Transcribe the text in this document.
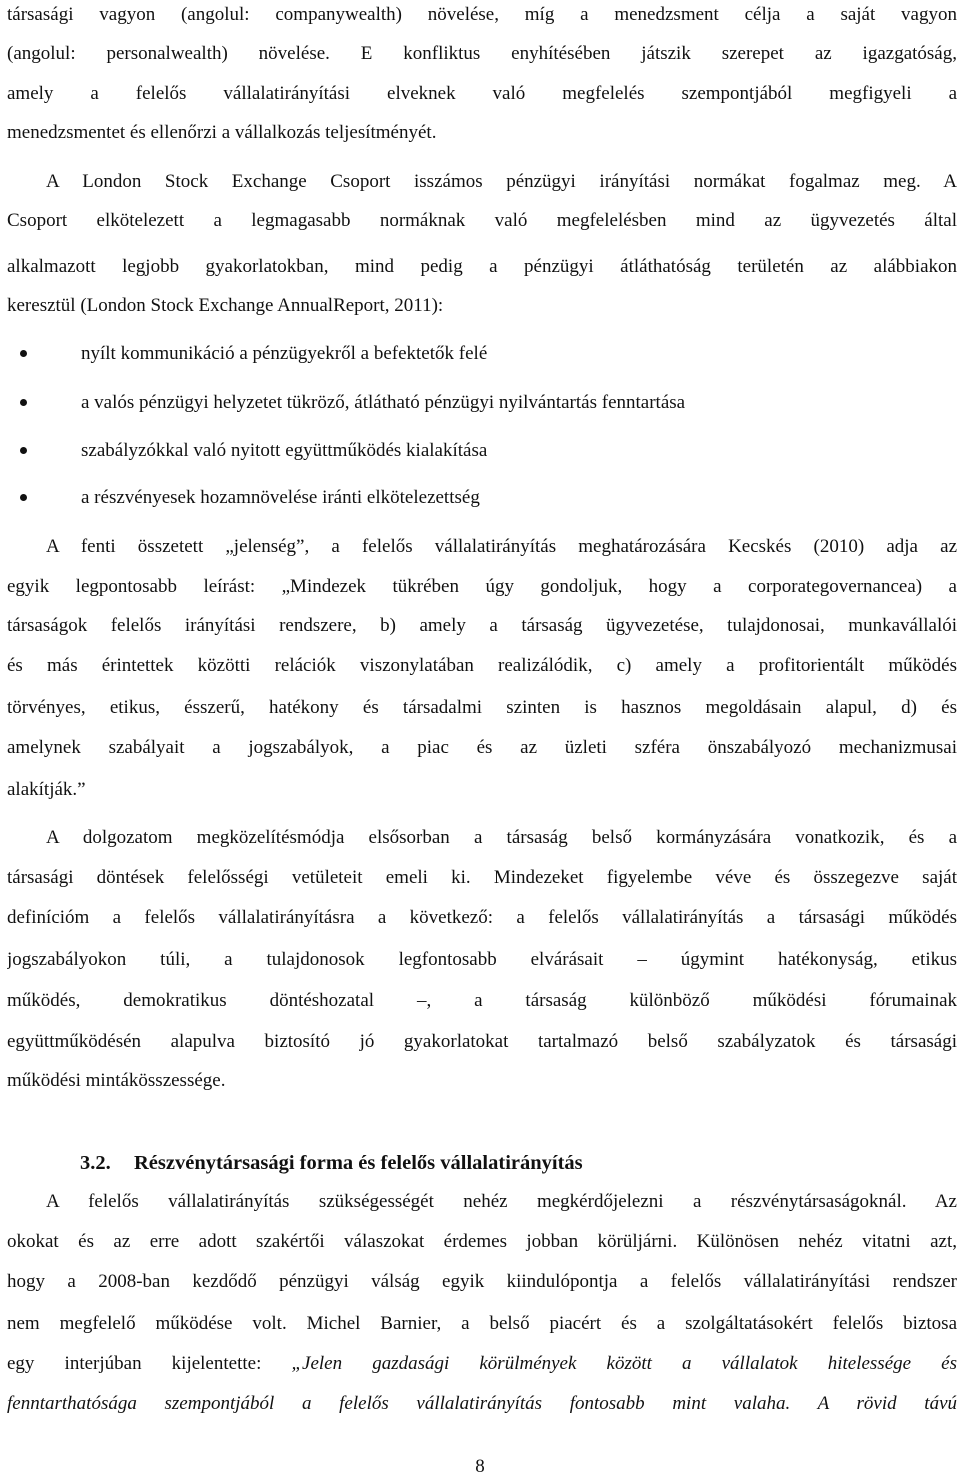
társasági vagyon (angolul: companywealth) növelése, míg a menedzsment célja a saját vagyon
(angolul: personalwealth) növelése. E konfliktus enyhítésében játszik szerepet az igazgatóság,
amely a felelős vállalatirányítási elveknek való megfelelés szempontjából megfigyeli a
menedzsmentet és ellenőrzi a vállalkozás teljesítményét.
A London Stock Exchange Csoport isszámos pénzügyi irányítási normákat fogalmaz meg. A
Csoport elkötelezett a legmagasabb normáknak való megfelelésben mind az ügyvezetés által
alkalmazott legjobb gyakorlatokban, mind pedig a pénzügyi átláthatóság területén az alábbiakon
keresztül (London Stock Exchange AnnualReport, 2011):
nyílt kommunikáció a pénzügyekről a befektetők felé
a valós pénzügyi helyzetet tükröző, átlátható pénzügyi nyilvántartás fenntartása
szabályzókkal való nyitott együttműködés kialakítása
a részvényesek hozamnövelése iránti elkötelezettség
A fenti összetett „jelenség”, a felelős vállalatirányítás meghatározására Kecskés (2010) adja az
egyik legpontosabb leírást: „Mindezek tükrében úgy gondoljuk, hogy a corporategovernancea) a
társaságok felelős irányítási rendszere, b) amely a társaság ügyvezetése, tulajdonosai, munkavállalói
és más érintettek közötti relációk viszonylatában realizálódik, c) amely a profitorientált működés
törvényes, etikus, ésszerű, hatékony és társadalmi szinten is hasznos megoldásain alapul, d) és
amelynek szabályait a jogszabályok, a piac és az üzleti szféra önszabályozó mechanizmusai
alakítják.”
A dolgozatom megközelítésmódja elsősorban a társaság belső kormányzására vonatkozik, és a
társasági döntések felelősségi vetületeit emeli ki. Mindezeket figyelembe véve és összegezve saját
definícióm a felelős vállalatirányításra a következő: a felelős vállalatirányítás a társasági működés
jogszabályokon túli, a tulajdonosok legfontosabb elvárásait – úgymint hatékonyság, etikus
működés, demokratikus döntéshozatal –, a társaság különböző működési fórumainak
együttműködésén alapulva biztosító jó gyakorlatokat tartalmazó belső szabályzatok és társasági
működési mintákösszessége.
3.2. Részvénytársasági forma és felelős vállalatirányítás
A felelős vállalatirányítás szükségességét nehéz megkérdőjelezni a részvénytársaságoknál. Az
okokat és az erre adott szakértői válaszokat érdemes jobban körüljárni. Különösen nehéz vitatni azt,
hogy a 2008-ban kezdődő pénzügyi válság egyik kiindulópontja a felelős vállalatirányítási rendszer
nem megfelelő működése volt. Michel Barnier, a belső piacért és a szolgáltatásokért felelős biztosa
egy interjúban kijelentette: „Jelen gazdasági körülmények között a vállalatok hitelessége és
fenntarthatósága szempontjából a felelős vállalatirányítás fontosabb mint valaha. A rövid távú
8
